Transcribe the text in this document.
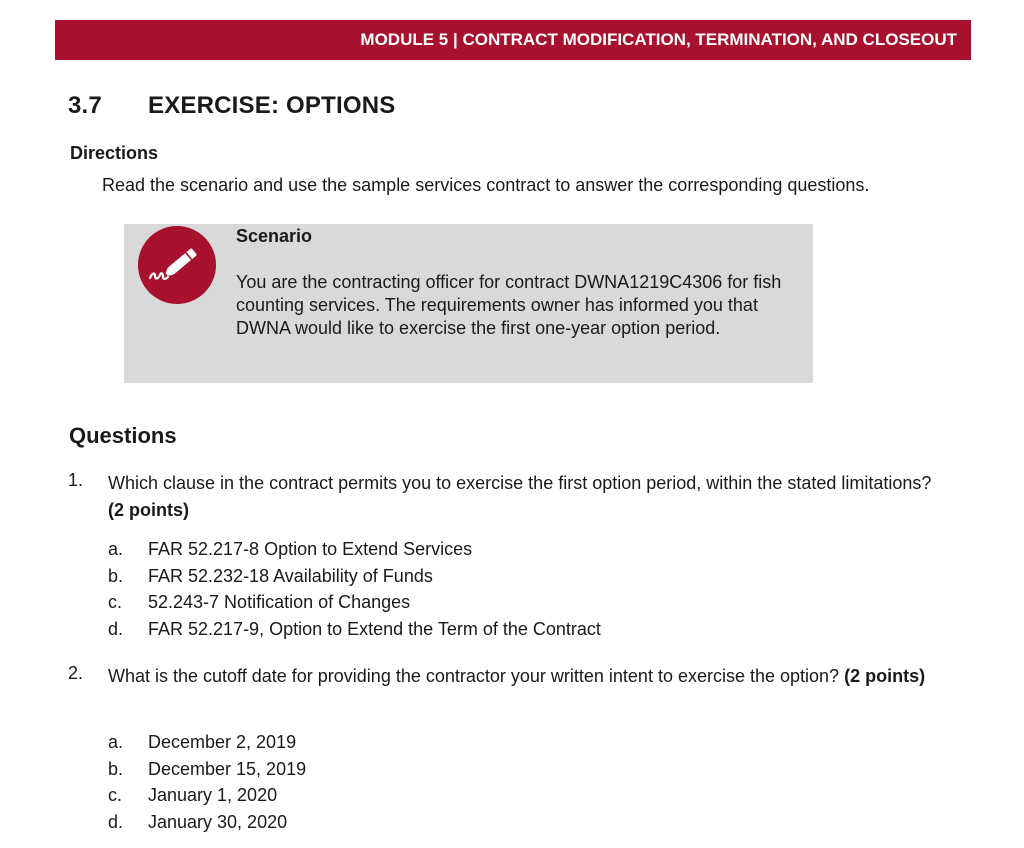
MODULE 5 | CONTRACT MODIFICATION, TERMINATION, AND CLOSEOUT
3.7 EXERCISE: OPTIONS
Directions
Read the scenario and use the sample services contract to answer the corresponding questions.
Scenario
You are the contracting officer for contract DWNA1219C4306 for fish counting services. The requirements owner has informed you that DWNA would like to exercise the first one-year option period.
Questions
1.	Which clause in the contract permits you to exercise the first option period, within the stated limitations? (2 points)
a.	FAR 52.217-8 Option to Extend Services
b.	FAR 52.232-18 Availability of Funds
c.	52.243-7 Notification of Changes
d.	FAR 52.217-9, Option to Extend the Term of the Contract
2.	What is the cutoff date for providing the contractor your written intent to exercise the option? (2 points)
a.	December 2, 2019
b.	December 15, 2019
c.	January 1, 2020
d.	January 30, 2020
